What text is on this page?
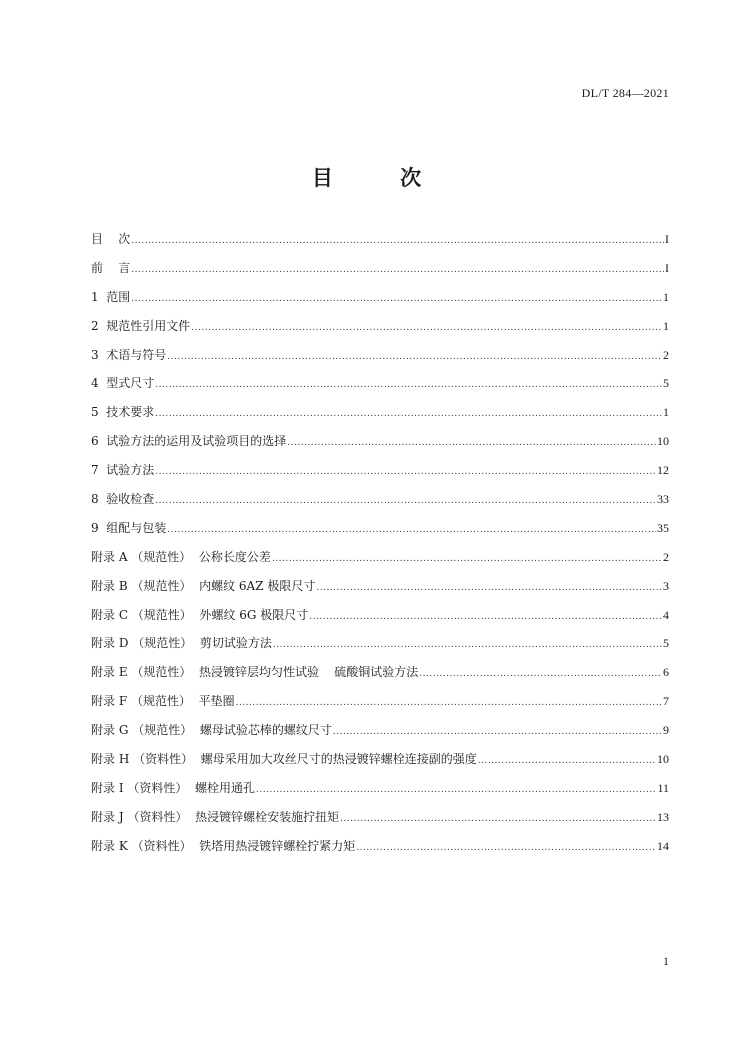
DL/T 284—2021
目 次
目    次 .....	I
前    言 .....	I
1 范围 .....	1
2 规范性引用文件 .....	1
3 术语与符号 .....	2
4 型式尺寸 .....	5
5 技术要求 .....	1
6 试验方法的运用及试验项目的选择 .....	10
7 试验方法 .....	12
8 验收检查 .....	33
9 组配与包装 .....	35
附录 A （规范性）  公称长度公差 .....	2
附录 B （规范性）  内螺纹 6AZ 极限尺寸 .....	3
附录 C （规范性）  外螺纹 6G 极限尺寸 .....	4
附录 D （规范性）  剪切试验方法 .....	5
附录 E （规范性）  热浸镀锌层均匀性试验    硫酸铜试验方法 .....	6
附录 F （规范性）  平垫圈 .....	7
附录 G （规范性）  螺母试验芯棒的螺纹尺寸 .....	9
附录 H （资料性）  螺母采用加大攻丝尺寸的热浸镀锌螺栓连接副的强度 .....	10
附录 I （资料性）  螺栓用通孔 .....	11
附录 J （资料性）  热浸镀锌螺栓安装施拧扭矩 .....	13
附录 K （资料性）  铁塔用热浸镀锌螺栓拧紧力矩 .....	14
1
